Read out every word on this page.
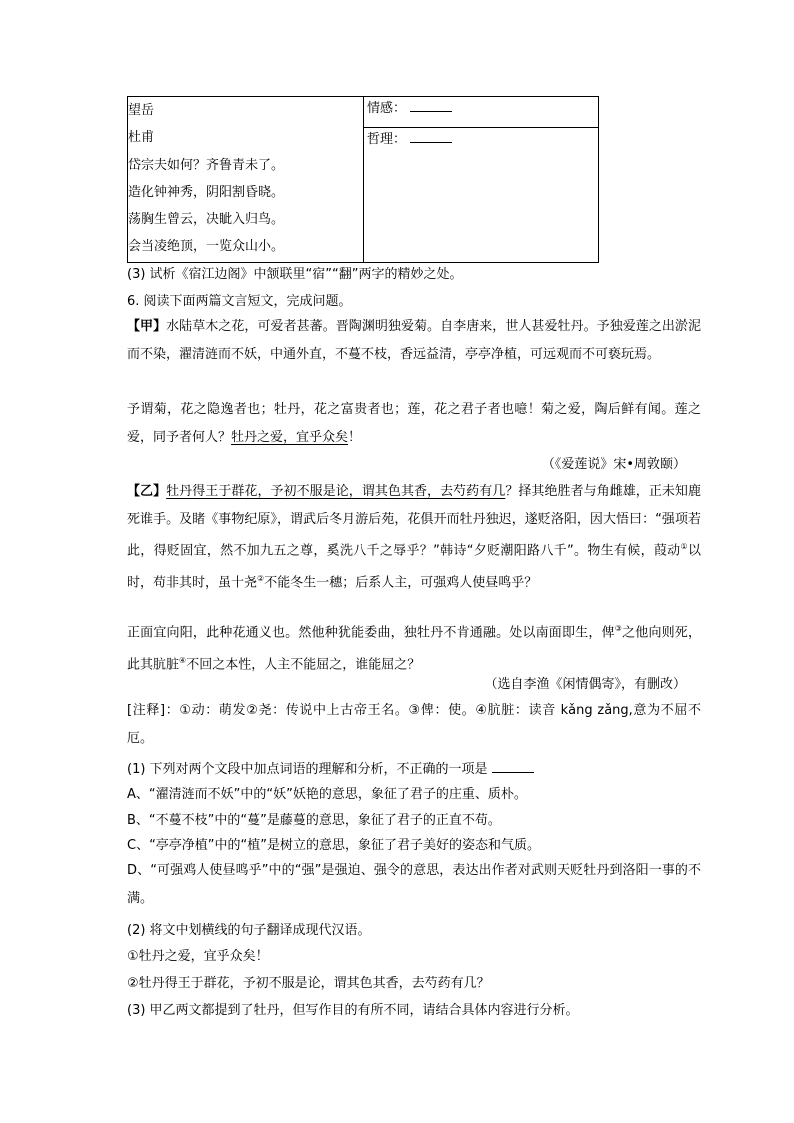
望岳
杜甫
岱宗夫如何？齐鲁青未了。
造化钟神秀，阴阳割昏晓。
荡胸生曾云，决眦入归鸟。
会当凌绝顶，一览众山小。

情感：

哲理：
(3) 试析《宿江边阁》中颔联里“宿”“翻”两字的精妙之处。
6. 阅读下面两篇文言短文，完成问题。
【甲】水陆草木之花，可爱者甚蕃。晋陶渊明独爱菊。自李唐来，世人甚爱牡丹。予独爱莲之出淤泥而不染，濯清涟而不妖，中通外直，不蔓不枝，香远益清，亭亭净植，可远观而不可亵玩焉。
予谓菊，花之隐逸者也；牡丹，花之富贵者也；莲，花之君子者也噫！菊之爱，陶后鲜有闻。莲之爱，同予者何人？牡丹之爱，宜乎众矣！
（《爱莲说》宋•周敦颐）
【乙】牡丹得王于群花，予初不服是论，谓其色其香，去芍药有几？择其绝胜者与角雌雄，正未知鹿死谁手。及睹《事物纪原》，谓武后冬月游后苑，花俱开而牡丹独迟，遂贬洛阳，因大悟曰：“强项若此，得贬固宜，然不加九五之尊，奚洗八千之辱乎？”韩诗“夕贬潮阳路八千”。物生有候，葭动①以时，苟非其时，虽十尧②不能冬生一穗；后系人主，可强鸡人使昼鸣乎？
正面宜向阳，此种花通义也。然他种犹能委曲，独牡丹不肯通融。处以南面即生，俾③之他向则死，此其肮脏④不回之本性，人主不能屈之，谁能屈之？
（选自李渔《闲情偶寄》，有删改）
[注释]：①动：萌发②尧：传说中上古帝王名。③俾：使。④肮脏：读音 kǎng zǎng,意为不屈不厄。
(1) 下列对两个文段中加点词语的理解和分析，不正确的一项是
A、“濯清涟而不妖”中的“妖”妖艳的意思，象征了君子的庄重、质朴。
B、“不蔓不枝”中的“蔓”是藤蔓的意思，象征了君子的正直不苟。
C、“亭亭净植”中的“植”是树立的意思，象征了君子美好的姿态和气质。
D、“可强鸡人使昼鸣乎”中的“强”是强迫、强令的意思，表达出作者对武则天贬牡丹到洛阳一事的不满。
(2) 将文中划横线的句子翻译成现代汉语。
①牡丹之爱，宜乎众矣！
②牡丹得王于群花，予初不服是论，谓其色其香，去芍药有几？
(3) 甲乙两文都提到了牡丹，但写作目的有所不同，请结合具体内容进行分析。
